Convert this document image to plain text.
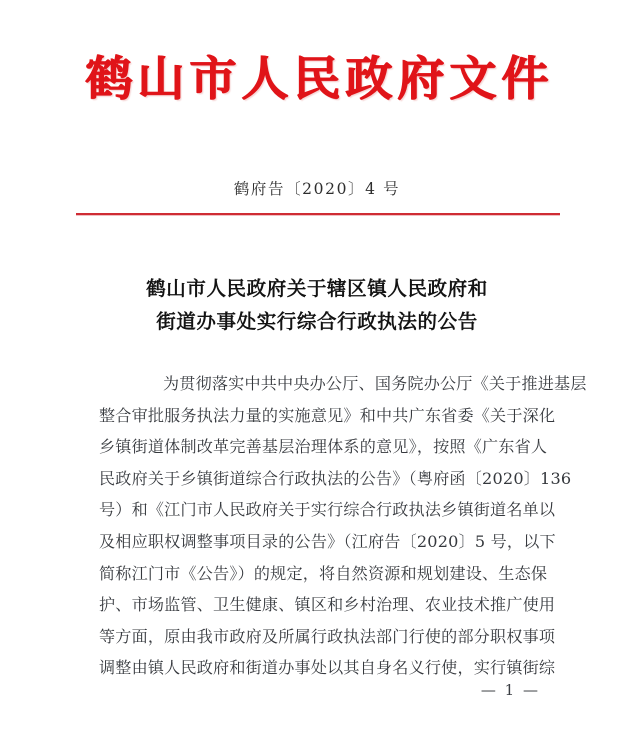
鹤山市人民政府文件
鹤府告〔2020〕4 号
鹤山市人民政府关于辖区镇人民政府和
街道办事处实行综合行政执法的公告
为贯彻落实中共中央办公厅、国务院办公厅《关于推进基层
整合审批服务执法力量的实施意见》和中共广东省委《关于深化
乡镇街道体制改革完善基层治理体系的意见》，按照《广东省人
民政府关于乡镇街道综合行政执法的公告》（粤府函〔2020〕136
号）和《江门市人民政府关于实行综合行政执法乡镇街道名单以
及相应职权调整事项目录的公告》（江府告〔2020〕5 号，以下
简称江门市《公告》）的规定，将自然资源和规划建设、生态保
护、市场监管、卫生健康、镇区和乡村治理、农业技术推广使用
等方面，原由我市政府及所属行政执法部门行使的部分职权事项
调整由镇人民政府和街道办事处以其自身名义行使，实行镇街综
— 1 —
